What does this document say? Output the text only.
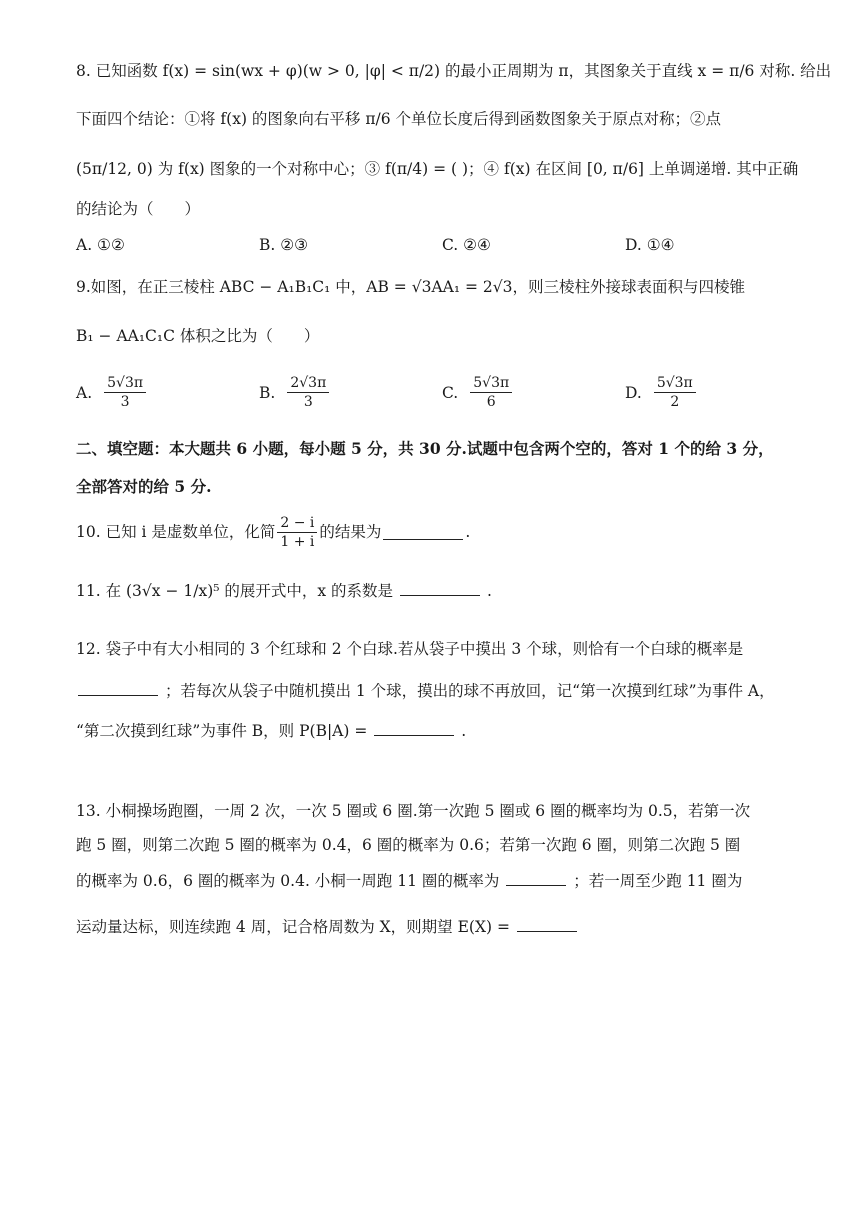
8. 已知函数 f(x) = sin(wx + φ)(w > 0, |φ| < π/2) 的最小正周期为 π，其图象关于直线 x = π/6 对称. 给出
下面四个结论：①将 f(x) 的图象向右平移 π/6 个单位长度后得到函数图象关于原点对称；②点
(5π/12, 0) 为 f(x) 图象的一个对称中心；③ f(π/4) = ( )；④ f(x) 在区间 [0, π/6] 上单调递增. 其中正确
的结论为（　　）
A. ①②	B. ②③	C. ②④	D. ①④
9.如图，在正三棱柱 ABC − A₁B₁C₁ 中，AB = √3AA₁ = 2√3，则三棱柱外接球表面积与四棱锥
B₁ − AA₁C₁C 体积之比为（　　）
A. $\frac{5√3\pi}{3}$	B. $\frac{2√3\pi}{3}$	C. $\frac{5√3\pi}{6}$	D. $\frac{5√3\pi}{2}$
二、填空题：本大题共 6 小题，每小题 5 分，共 30 分.试题中包含两个空的，答对 1 个的给 3 分，
全部答对的给 5 分.
10. 已知 i 是虚数单位，化简 $\frac{2 - i}{1 + i}$ 的结果为	.
11. 在 (3√x − 1/x)⁵ 的展开式中，x 的系数是	.
12. 袋子中有大小相同的 3 个红球和 2 个白球.若从袋子中摸出 3 个球，则恰有一个白球的概率是
；若每次从袋子中随机摸出 1 个球，摸出的球不再放回，记“第一次摸到红球”为事件 A，
“第二次摸到红球”为事件 B，则 P(B|A) =	.
13. 小桐操场跑圈，一周 2 次，一次 5 圈或 6 圈.第一次跑 5 圈或 6 圈的概率均为 0.5，若第一次
跑 5 圈，则第二次跑 5 圈的概率为 0.4，6 圈的概率为 0.6；若第一次跑 6 圈，则第二次跑 5 圈
的概率为 0.6，6 圈的概率为 0.4. 小桐一周跑 11 圈的概率为	；若一周至少跑 11 圈为
运动量达标，则连续跑 4 周，记合格周数为 X，则期望 E(X) =
